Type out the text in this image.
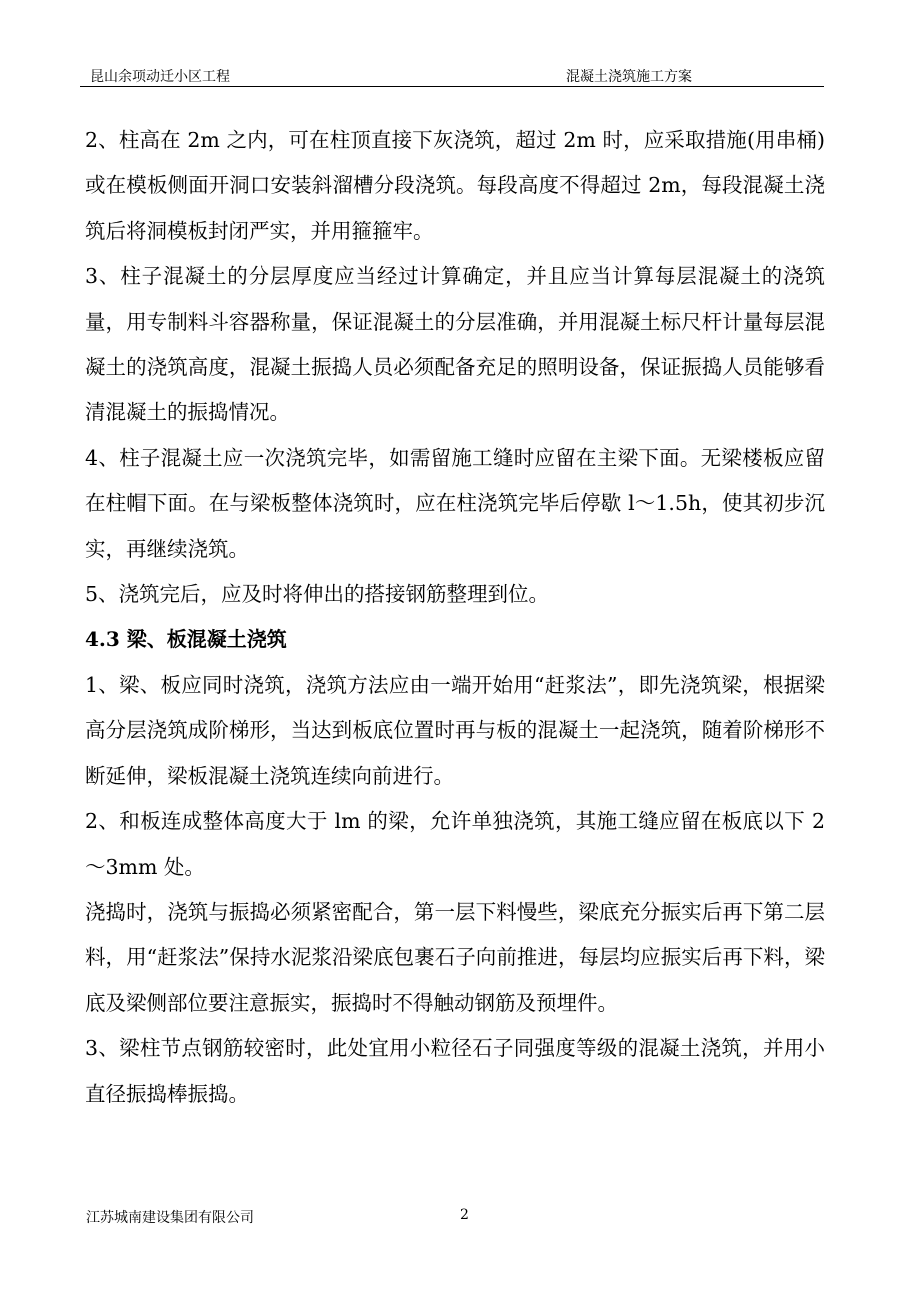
昆山余项动迁小区工程	混凝土浇筑施工方案

2、柱高在 2m 之内，可在柱顶直接下灰浇筑，超过 2m 时，应采取措施(用串桶)或在模板侧面开洞口安装斜溜槽分段浇筑。每段高度不得超过 2m，每段混凝土浇筑后将洞模板封闭严实，并用箍箍牢。

3、柱子混凝土的分层厚度应当经过计算确定，并且应当计算每层混凝土的浇筑量，用专制料斗容器称量，保证混凝土的分层准确，并用混凝土标尺杆计量每层混凝土的浇筑高度，混凝土振捣人员必须配备充足的照明设备，保证振捣人员能够看清混凝土的振捣情况。

4、柱子混凝土应一次浇筑完毕，如需留施工缝时应留在主梁下面。无梁楼板应留在柱帽下面。在与梁板整体浇筑时，应在柱浇筑完毕后停歇 l～1.5h，使其初步沉实，再继续浇筑。

5、浇筑完后，应及时将伸出的搭接钢筋整理到位。

4.3 梁、板混凝土浇筑

1、梁、板应同时浇筑，浇筑方法应由一端开始用“赶浆法”，即先浇筑梁，根据梁高分层浇筑成阶梯形，当达到板底位置时再与板的混凝土一起浇筑，随着阶梯形不断延伸，梁板混凝土浇筑连续向前进行。

2、和板连成整体高度大于 lm 的梁，允许单独浇筑，其施工缝应留在板底以下 2～3mm 处。

浇捣时，浇筑与振捣必须紧密配合，第一层下料慢些，梁底充分振实后再下第二层料，用“赶浆法”保持水泥浆沿梁底包裹石子向前推进，每层均应振实后再下料，梁底及梁侧部位要注意振实，振捣时不得触动钢筋及预埋件。

3、梁柱节点钢筋较密时，此处宜用小粒径石子同强度等级的混凝土浇筑，并用小直径振捣棒振捣。

江苏城南建设集团有限公司	2
